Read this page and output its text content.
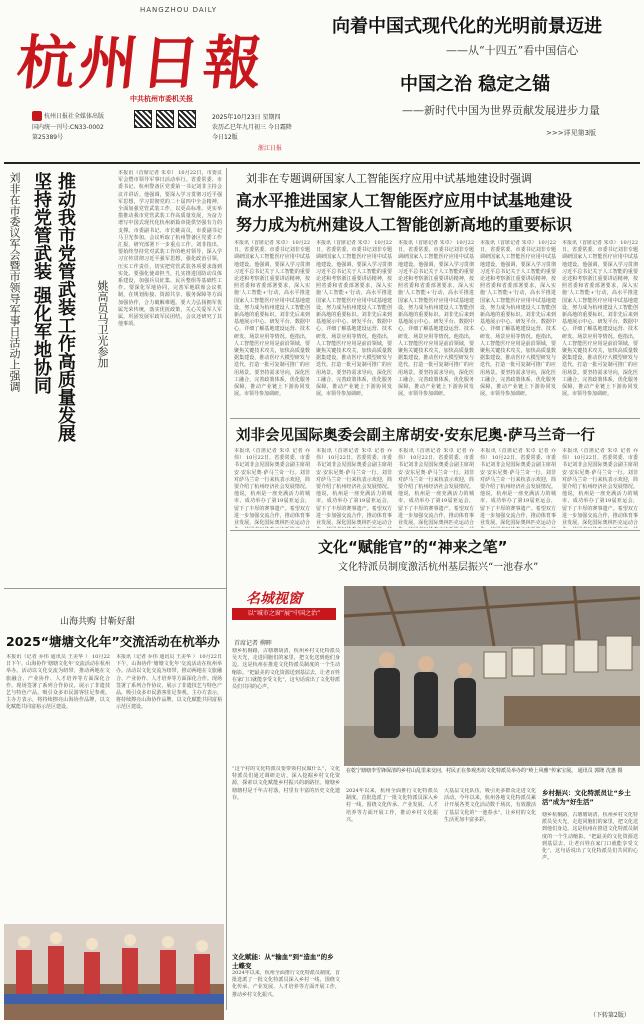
HANGZHOU DAILY
杭州日報
中共杭州市委机关报
杭州日报社全媒体出版
国内统一刊号:CN33-0002
第25389号
2025年10月23日 星期四
农历乙巳年九月初三 今日霜降
今日12版
浙江日报
向着中国式现代化的光明前景迈进
——从“十四五”看中国信心
中国之治 稳定之锚
——新时代中国为世界贡献发展进步力量
>>>详见第3版
刘非在市委议军会暨市领导军事日活动上强调 推动我市党管武装工作高质量发展
坚持党管武装 强化军地协同	姚高员马卫光参加
本报讯（首席记者 朱卓） 10月22日，市委议军会暨市领导军事日活动举行。省委常委、市委书记、杭州警备区党委第一书记刘非主持会议并讲话。他强调，要深入学习贯彻习近平强军思想，学习贯彻党的二十届四中全会精神，全面加强党管武装工作，以更高标准、更实举措推动我市党管武装工作高质量发展，为奋力谱写中国式现代化杭州新篇章提供坚强有力的支撑。市委副书记、市长姚高员，市委副书记马卫光参加。会议听取了杭州警备区党委工作汇报，研究部署下一步重点工作。刘非指出，要始终坚持党对武装工作的绝对领导，深入学习宣传贯彻习近平强军思想，强化政治引领，压实工作责任，切实把党管武装各项要求落到实处。要强化使命担当，扎实推进国防动员体系建设，加强兵员征集、民兵整组等基础性工作。要深化军地协同，完善军地联席会议机制，在规划衔接、资源共享、服务保障等方面加强协作，合力破解难题。要大力弘扬拥军优属光荣传统，落实优抚政策，关心关爱军人军属，巩固发展军政军民团结。会议还研究了其他事项。
刘非在专题调研国家人工智能医疗应用中试基地建设时强调
高水平推进国家人工智能医疗应用中试基地建设
努力成为杭州建设人工智能创新高地的重要标识
本报讯（首席记者 朱卓） 10月22日，省委常委、市委书记刘非专题调研国家人工智能医疗应用中试基地建设。他强调，要深入学习贯彻习近平总书记关于人工智能的重要论述和考察浙江重要讲话精神，按照省委和省委部署要求，深入实施‘人工智能+’行动，高水平推进国家人工智能医疗应用中试基地建设，努力成为杭州建设人工智能创新高地的重要标识。刘非先后来到基地展示中心、研发平台、数据中心，详细了解基地建设运营、技术研发、场景应用等情况。他指出，人工智能医疗应用是前沿领域，要聚焦关键技术攻关，加快高质量数据集建设，推动医疗大模型研发与迭代，打造一批可复制可推广的应用场景。要坚持需求导向，深化医工融合，完善政策体系，优化服务保障，推动产业链上下游协同发展。市领导参加调研。
本报讯（首席记者 朱卓） 10月22日，省委常委、市委书记刘非专题调研国家人工智能医疗应用中试基地建设。他强调，要深入学习贯彻习近平总书记关于人工智能的重要论述和考察浙江重要讲话精神，按照省委和省委部署要求，深入实施‘人工智能+’行动，高水平推进国家人工智能医疗应用中试基地建设，努力成为杭州建设人工智能创新高地的重要标识。刘非先后来到基地展示中心、研发平台、数据中心，详细了解基地建设运营、技术研发、场景应用等情况。他指出，人工智能医疗应用是前沿领域，要聚焦关键技术攻关，加快高质量数据集建设，推动医疗大模型研发与迭代，打造一批可复制可推广的应用场景。要坚持需求导向，深化医工融合，完善政策体系，优化服务保障，推动产业链上下游协同发展。市领导参加调研。
本报讯（首席记者 朱卓） 10月22日，省委常委、市委书记刘非专题调研国家人工智能医疗应用中试基地建设。他强调，要深入学习贯彻习近平总书记关于人工智能的重要论述和考察浙江重要讲话精神，按照省委和省委部署要求，深入实施‘人工智能+’行动，高水平推进国家人工智能医疗应用中试基地建设，努力成为杭州建设人工智能创新高地的重要标识。刘非先后来到基地展示中心、研发平台、数据中心，详细了解基地建设运营、技术研发、场景应用等情况。他指出，人工智能医疗应用是前沿领域，要聚焦关键技术攻关，加快高质量数据集建设，推动医疗大模型研发与迭代，打造一批可复制可推广的应用场景。要坚持需求导向，深化医工融合，完善政策体系，优化服务保障，推动产业链上下游协同发展。市领导参加调研。
本报讯（首席记者 朱卓） 10月22日，省委常委、市委书记刘非专题调研国家人工智能医疗应用中试基地建设。他强调，要深入学习贯彻习近平总书记关于人工智能的重要论述和考察浙江重要讲话精神，按照省委和省委部署要求，深入实施‘人工智能+’行动，高水平推进国家人工智能医疗应用中试基地建设，努力成为杭州建设人工智能创新高地的重要标识。刘非先后来到基地展示中心、研发平台、数据中心，详细了解基地建设运营、技术研发、场景应用等情况。他指出，人工智能医疗应用是前沿领域，要聚焦关键技术攻关，加快高质量数据集建设，推动医疗大模型研发与迭代，打造一批可复制可推广的应用场景。要坚持需求导向，深化医工融合，完善政策体系，优化服务保障，推动产业链上下游协同发展。市领导参加调研。
本报讯（首席记者 朱卓） 10月22日，省委常委、市委书记刘非专题调研国家人工智能医疗应用中试基地建设。他强调，要深入学习贯彻习近平总书记关于人工智能的重要论述和考察浙江重要讲话精神，按照省委和省委部署要求，深入实施‘人工智能+’行动，高水平推进国家人工智能医疗应用中试基地建设，努力成为杭州建设人工智能创新高地的重要标识。刘非先后来到基地展示中心、研发平台、数据中心，详细了解基地建设运营、技术研发、场景应用等情况。他指出，人工智能医疗应用是前沿领域，要聚焦关键技术攻关，加快高质量数据集建设，推动医疗大模型研发与迭代，打造一批可复制可推广的应用场景。要坚持需求导向，深化医工融合，完善政策体系，优化服务保障，推动产业链上下游协同发展。市领导参加调研。
刘非会见国际奥委会副主席胡安·安东尼奥·萨马兰奇一行
本报讯（首席记者 朱卓 记者 乔伟） 10月22日，省委常委、市委书记刘非会见国际奥委会副主席胡安·安东尼奥·萨马兰奇一行。刘非对萨马兰奇一行来杭表示欢迎，简要介绍了杭州经济社会发展情况。他说，杭州是一座充满活力的城市，成功举办了第19届亚运会，留下了丰厚的赛事遗产。希望双方进一步加强交流合作，推动体育事业发展，深化国际奥林匹克运动合
本报讯（首席记者 朱卓 记者 乔伟） 10月22日，省委常委、市委书记刘非会见国际奥委会副主席胡安·安东尼奥·萨马兰奇一行。刘非对萨马兰奇一行来杭表示欢迎，简要介绍了杭州经济社会发展情况。他说，杭州是一座充满活力的城市，成功举办了第19届亚运会，留下了丰厚的赛事遗产。希望双方进一步加强交流合作，推动体育事业发展，深化国际奥林匹克运动合
本报讯（首席记者 朱卓 记者 乔伟） 10月22日，省委常委、市委书记刘非会见国际奥委会副主席胡安·安东尼奥·萨马兰奇一行。刘非对萨马兰奇一行来杭表示欢迎，简要介绍了杭州经济社会发展情况。他说，杭州是一座充满活力的城市，成功举办了第19届亚运会，留下了丰厚的赛事遗产。希望双方进一步加强交流合作，推动体育事业发展，深化国际奥林匹克运动合
本报讯（首席记者 朱卓 记者 乔伟） 10月22日，省委常委、市委书记刘非会见国际奥委会副主席胡安·安东尼奥·萨马兰奇一行。刘非对萨马兰奇一行来杭表示欢迎，简要介绍了杭州经济社会发展情况。他说，杭州是一座充满活力的城市，成功举办了第19届亚运会，留下了丰厚的赛事遗产。希望双方进一步加强交流合作，推动体育事业发展，深化国际奥林匹克运动合
本报讯（首席记者 朱卓 记者 乔伟） 10月22日，省委常委、市委书记刘非会见国际奥委会副主席胡安·安东尼奥·萨马兰奇一行。刘非对萨马兰奇一行来杭表示欢迎，简要介绍了杭州经济社会发展情况。他说，杭州是一座充满活力的城市，成功举办了第19届亚运会，留下了丰厚的赛事遗产。希望双方进一步加强交流合作，推动体育事业发展，深化国际奥林匹克运动合
文化“赋能官”的“神来之笔”
文化特派员制度激活杭州基层振兴“一池春水”
山海共购 甘靳好甜
2025“塘塘文化年”交流活动在杭举办
本报讯（记者 乔伟 通讯员 王美华 ） 10月22日下午，山海协作‘塘塘文化年’交流活动在杭州举办。活动以文化交流为纽带，推动两地在文旅融合、产业协作、人才培养等方面深化合作。现场签署了系列合作协议，展示了非遗技艺与特色产品，吸引众多市民游客驻足参观。主办方表示，将持续擦亮山海协作品牌，以文化赋能共同富裕示范区建设。
本报讯（记者 乔伟 通讯员 王美华 ） 10月22日下午，山海协作‘塘塘文化年’交流活动在杭州举办。活动以文化交流为纽带，推动两地在文旅融合、产业协作、人才培养等方面深化合作。现场签署了系列合作协议，展示了非遗技艺与特色产品，吸引众多市民游客驻足参观。主办方表示，将持续擦亮山海协作品牌，以文化赋能共同富裕示范区建设。
名城视窗
以“城市之窗”展“中国之治”
首席记者 柳晖
塘乡杭桐路，古塘塘胡清，杭州乡村文化特派员吴天光，走进同胞们的家里，把文化送到他们身边。这是杭州在推进文化特派员制度的一个生动缩影。“把最美的文化资源送到基层去，让老百姓在家门口就能享受文化”，这句话说出了文化特派员们共同的心声。
在乾宁塘塘李雪锋保清的乡村山乱里来交问，村民正在参观杰坊文化特派员举办的“岭上风雅”传家宝展。 通讯员 郭隆 沈惠 摄
文化赋能：从“输血”到“造血”的乡土蝶变
“这个村的文化特派员要带领村民做什么”，文化特派员们通过调研走访，深入挖掘乡村文化资源，探索以文化赋能乡村振兴的新路径。塘塘乡塘塘村是千年古村落，村里有丰富的历史文化遗存。
2024年以来，杭州全面推行文化特派员制度，首批选派了一批文化特派员深入乡村一线，围绕文化传承、产业发展、人才培养等方面开展工作，推动乡村文化振兴。
2024年以来，杭州全面推行文化特派员制度，首批选派了一批文化特派员深入乡村一线，围绕文化传承、产业发展、人才培养等方面开展工作，推动乡村文化振兴。
大基层文化队伍，吸引更多群众走进文化活动。今年以来，杭州各地文化特派员累计开展各类文化活动数千场次，有效激活了基层文化的“一池春水”，让乡村的文化生活更加丰富多彩。
乡村振兴：文化特派员让“乡土活”成为“好生活”
塘乡杭桐路，古塘塘胡清，杭州乡村文化特派员吴天光，走进同胞们的家里，把文化送到他们身边。这是杭州在推进文化特派员制度的一个生动缩影。“把最美的文化资源送到基层去，让老百姓在家门口就能享受文化”，这句话说出了文化特派员们共同的心声。
（下转第2版）
